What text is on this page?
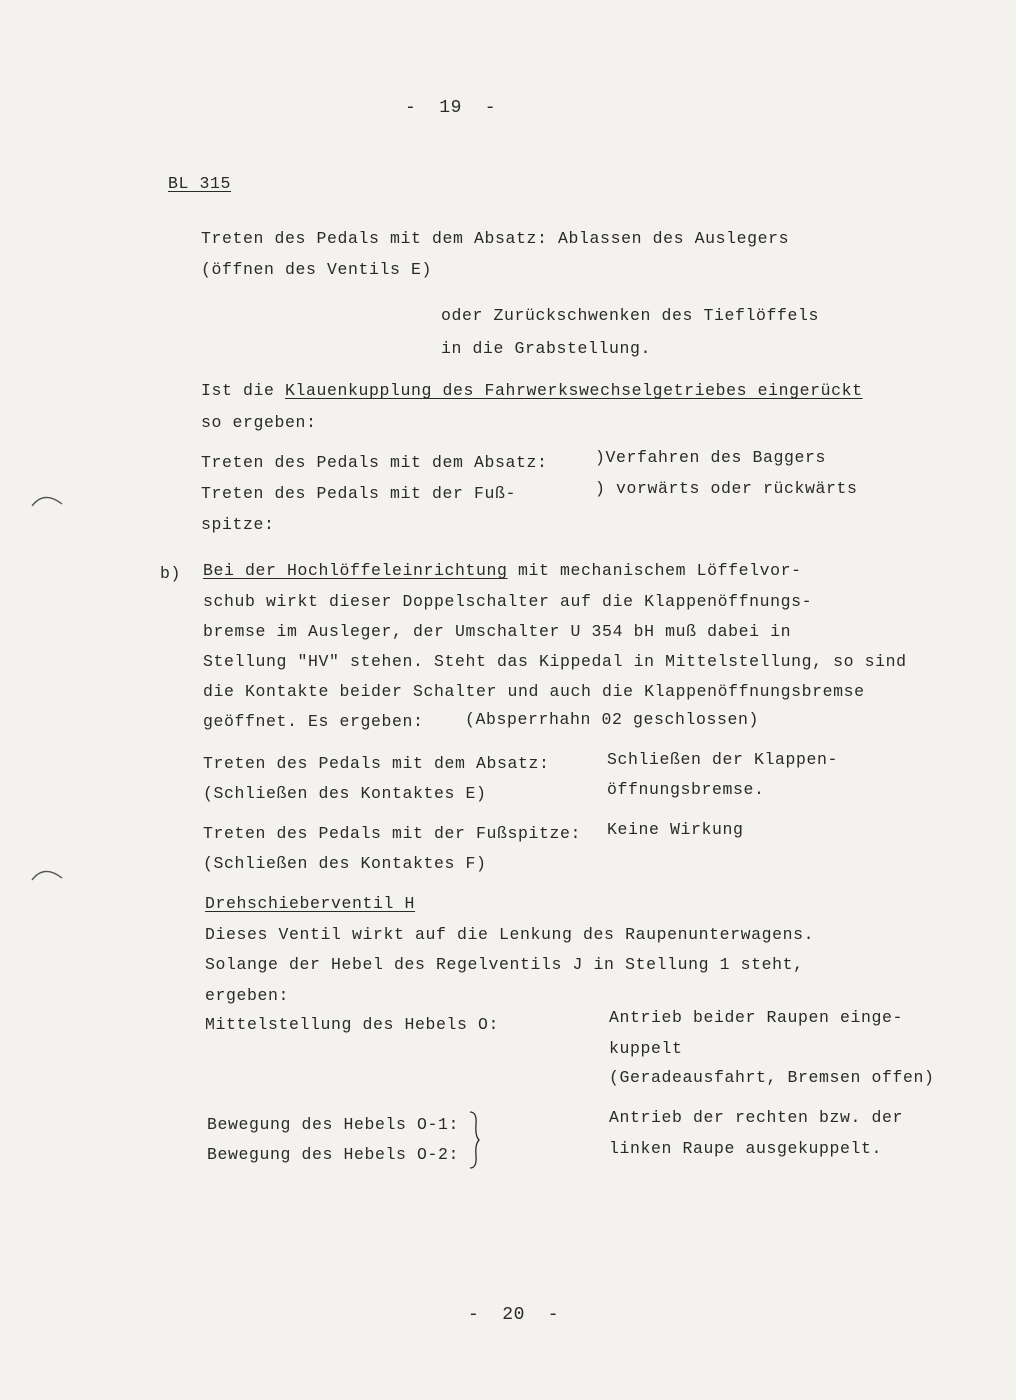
-  19  -
BL 315
Treten des Pedals mit dem Absatz: Ablassen des Auslegers
(öffnen des Ventils E)
oder Zurückschwenken des Tieflöffels
in die Grabstellung.
Ist die Klauenkupplung des Fahrwerkswechselgetriebes eingerückt
so ergeben:
Treten des Pedals mit dem Absatz:
Treten des Pedals mit der Fuß-
spitze:
)Verfahren des Baggers
) vorwärts oder rückwärts
b) Bei der Hochlöffeleinrichtung mit mechanischem Löffelvor-
schub wirkt dieser Doppelschalter auf die Klappenöffnungs-
bremse im Ausleger, der Umschalter U 354 bH muß dabei in
Stellung "HV" stehen. Steht das Kippedal in Mittelstellung, so sind
die Kontakte beider Schalter und auch die Klappenöffnungsbremse
geöffnet. Es ergeben:	(Absperrhahn 02 geschlossen)
Treten des Pedals mit dem Absatz:
(Schließen des Kontaktes E)
Schließen der Klappen-
öffnungsbremse.
Treten des Pedals mit der Fußspitze: Keine Wirkung
(Schließen des Kontaktes F)
Drehschieberventil H
Dieses Ventil wirkt auf die Lenkung des Raupenunterwagens.
Solange der Hebel des Regelventils J in Stellung 1 steht,
ergeben:
Mittelstellung des Hebels O:	Antrieb beider Raupen einge-
kuppelt
(Geradeausfahrt, Bremsen offen)
Bewegung des Hebels O-1:
Bewegung des Hebels O-2:
Antrieb der rechten bzw. der
linken Raupe ausgekuppelt.
-  20  -
